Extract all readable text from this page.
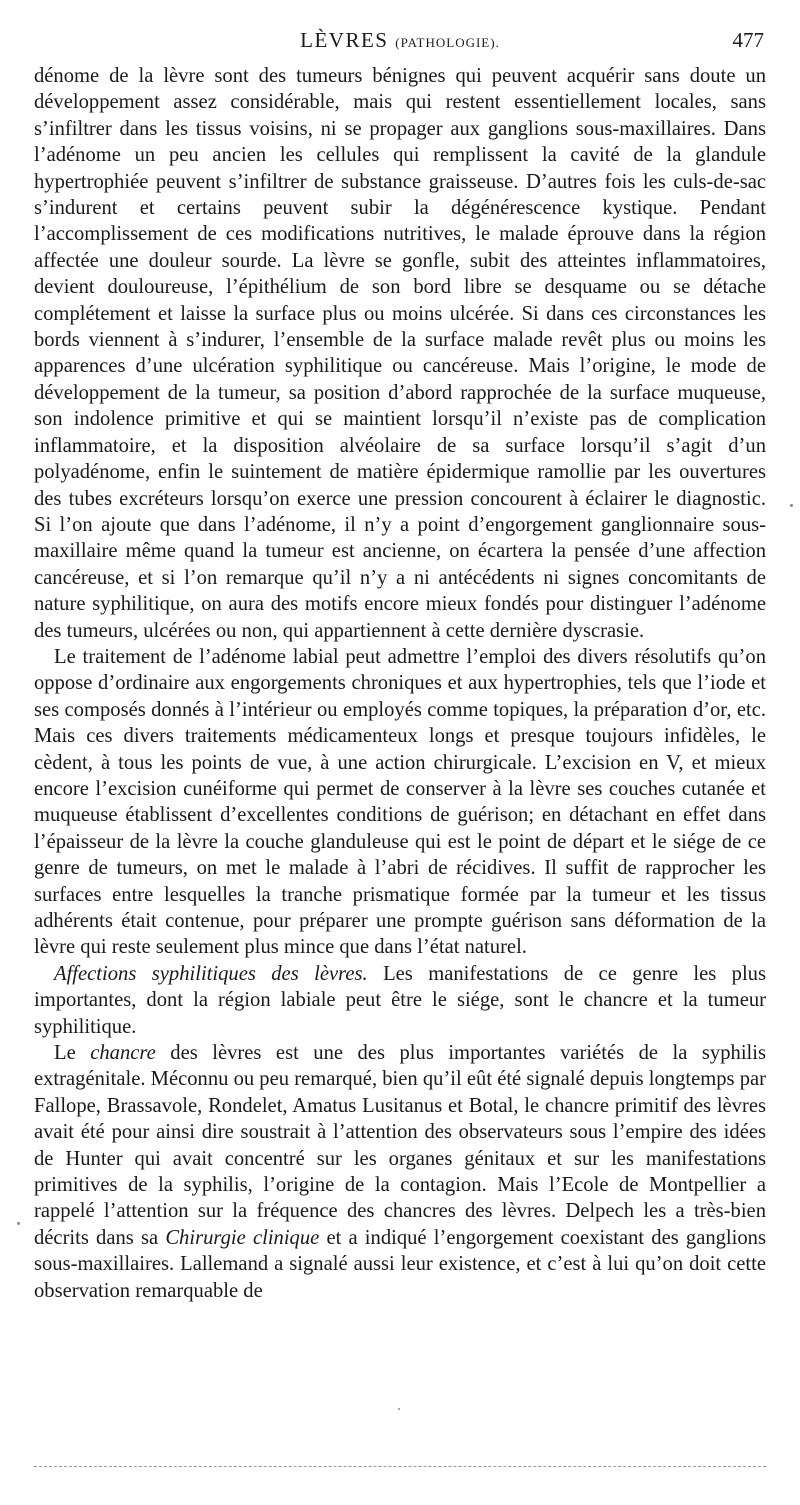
LÈVRES (PATHOLOGIE).	477

dénome de la lèvre sont des tumeurs bénignes qui peuvent acquérir sans doute un développement assez considérable, mais qui restent essentiellement locales, sans s’infiltrer dans les tissus voisins, ni se propager aux ganglions sous-maxillaires. Dans l’adénome un peu ancien les cellules qui remplissent la cavité de la glandule hypertrophiée peuvent s’infiltrer de substance graisseuse. D’autres fois les culs-de-sac s’indurent et certains peuvent subir la dégénérescence kystique. Pendant l’accomplissement de ces modifications nutritives, le malade éprouve dans la région affectée une douleur sourde. La lèvre se gonfle, subit des atteintes inflammatoires, devient douloureuse, l’épithélium de son bord libre se desquame ou se détache complétement et laisse la surface plus ou moins ulcérée. Si dans ces circonstances les bords viennent à s’indurer, l’ensemble de la surface malade revêt plus ou moins les apparences d’une ulcération syphilitique ou cancéreuse. Mais l’origine, le mode de développement de la tumeur, sa position d’abord rapprochée de la surface muqueuse, son indolence primitive et qui se maintient lorsqu’il n’existe pas de complication inflammatoire, et la disposition alvéolaire de sa surface lorsqu’il s’agit d’un polyadénome, enfin le suintement de matière épidermique ramollie par les ouvertures des tubes excréteurs lorsqu’on exerce une pression concourent à éclairer le diagnostic. Si l’on ajoute que dans l’adénome, il n’y a point d’engorgement ganglionnaire sous-maxillaire même quand la tumeur est ancienne, on écartera la pensée d’une affection cancéreuse, et si l’on remarque qu’il n’y a ni antécédents ni signes concomitants de nature syphilitique, on aura des motifs encore mieux fondés pour distinguer l’adénome des tumeurs, ulcérées ou non, qui appartiennent à cette dernière dyscrasie.

Le traitement de l’adénome labial peut admettre l’emploi des divers résolutifs qu’on oppose d’ordinaire aux engorgements chroniques et aux hypertrophies, tels que l’iode et ses composés donnés à l’intérieur ou employés comme topiques, la préparation d’or, etc. Mais ces divers traitements médicamenteux longs et presque toujours infidèles, le cèdent, à tous les points de vue, à une action chirurgicale. L’excision en V, et mieux encore l’excision cunéiforme qui permet de conserver à la lèvre ses couches cutanée et muqueuse établissent d’excellentes conditions de guérison; en détachant en effet dans l’épaisseur de la lèvre la couche glanduleuse qui est le point de départ et le siége de ce genre de tumeurs, on met le malade à l’abri de récidives. Il suffit de rapprocher les surfaces entre lesquelles la tranche prismatique formée par la tumeur et les tissus adhérents était contenue, pour préparer une prompte guérison sans déformation de la lèvre qui reste seulement plus mince que dans l’état naturel.

Affections syphilitiques des lèvres. Les manifestations de ce genre les plus importantes, dont la région labiale peut être le siége, sont le chancre et la tumeur syphilitique.

Le chancre des lèvres est une des plus importantes variétés de la syphilis extragénitale. Méconnu ou peu remarqué, bien qu’il eût été signalé depuis longtemps par Fallope, Brassavole, Rondelet, Amatus Lusitanus et Botal, le chancre primitif des lèvres avait été pour ainsi dire soustrait à l’attention des observateurs sous l’empire des idées de Hunter qui avait concentré sur les organes génitaux et sur les manifestations primitives de la syphilis, l’origine de la contagion. Mais l’Ecole de Montpellier a rappelé l’attention sur la fréquence des chancres des lèvres. Delpech les a très-bien décrits dans sa Chirurgie clinique et a indiqué l’engorgement coexistant des ganglions sous-maxillaires. Lallemand a signalé aussi leur existence, et c’est à lui qu’on doit cette observation remarquable de
